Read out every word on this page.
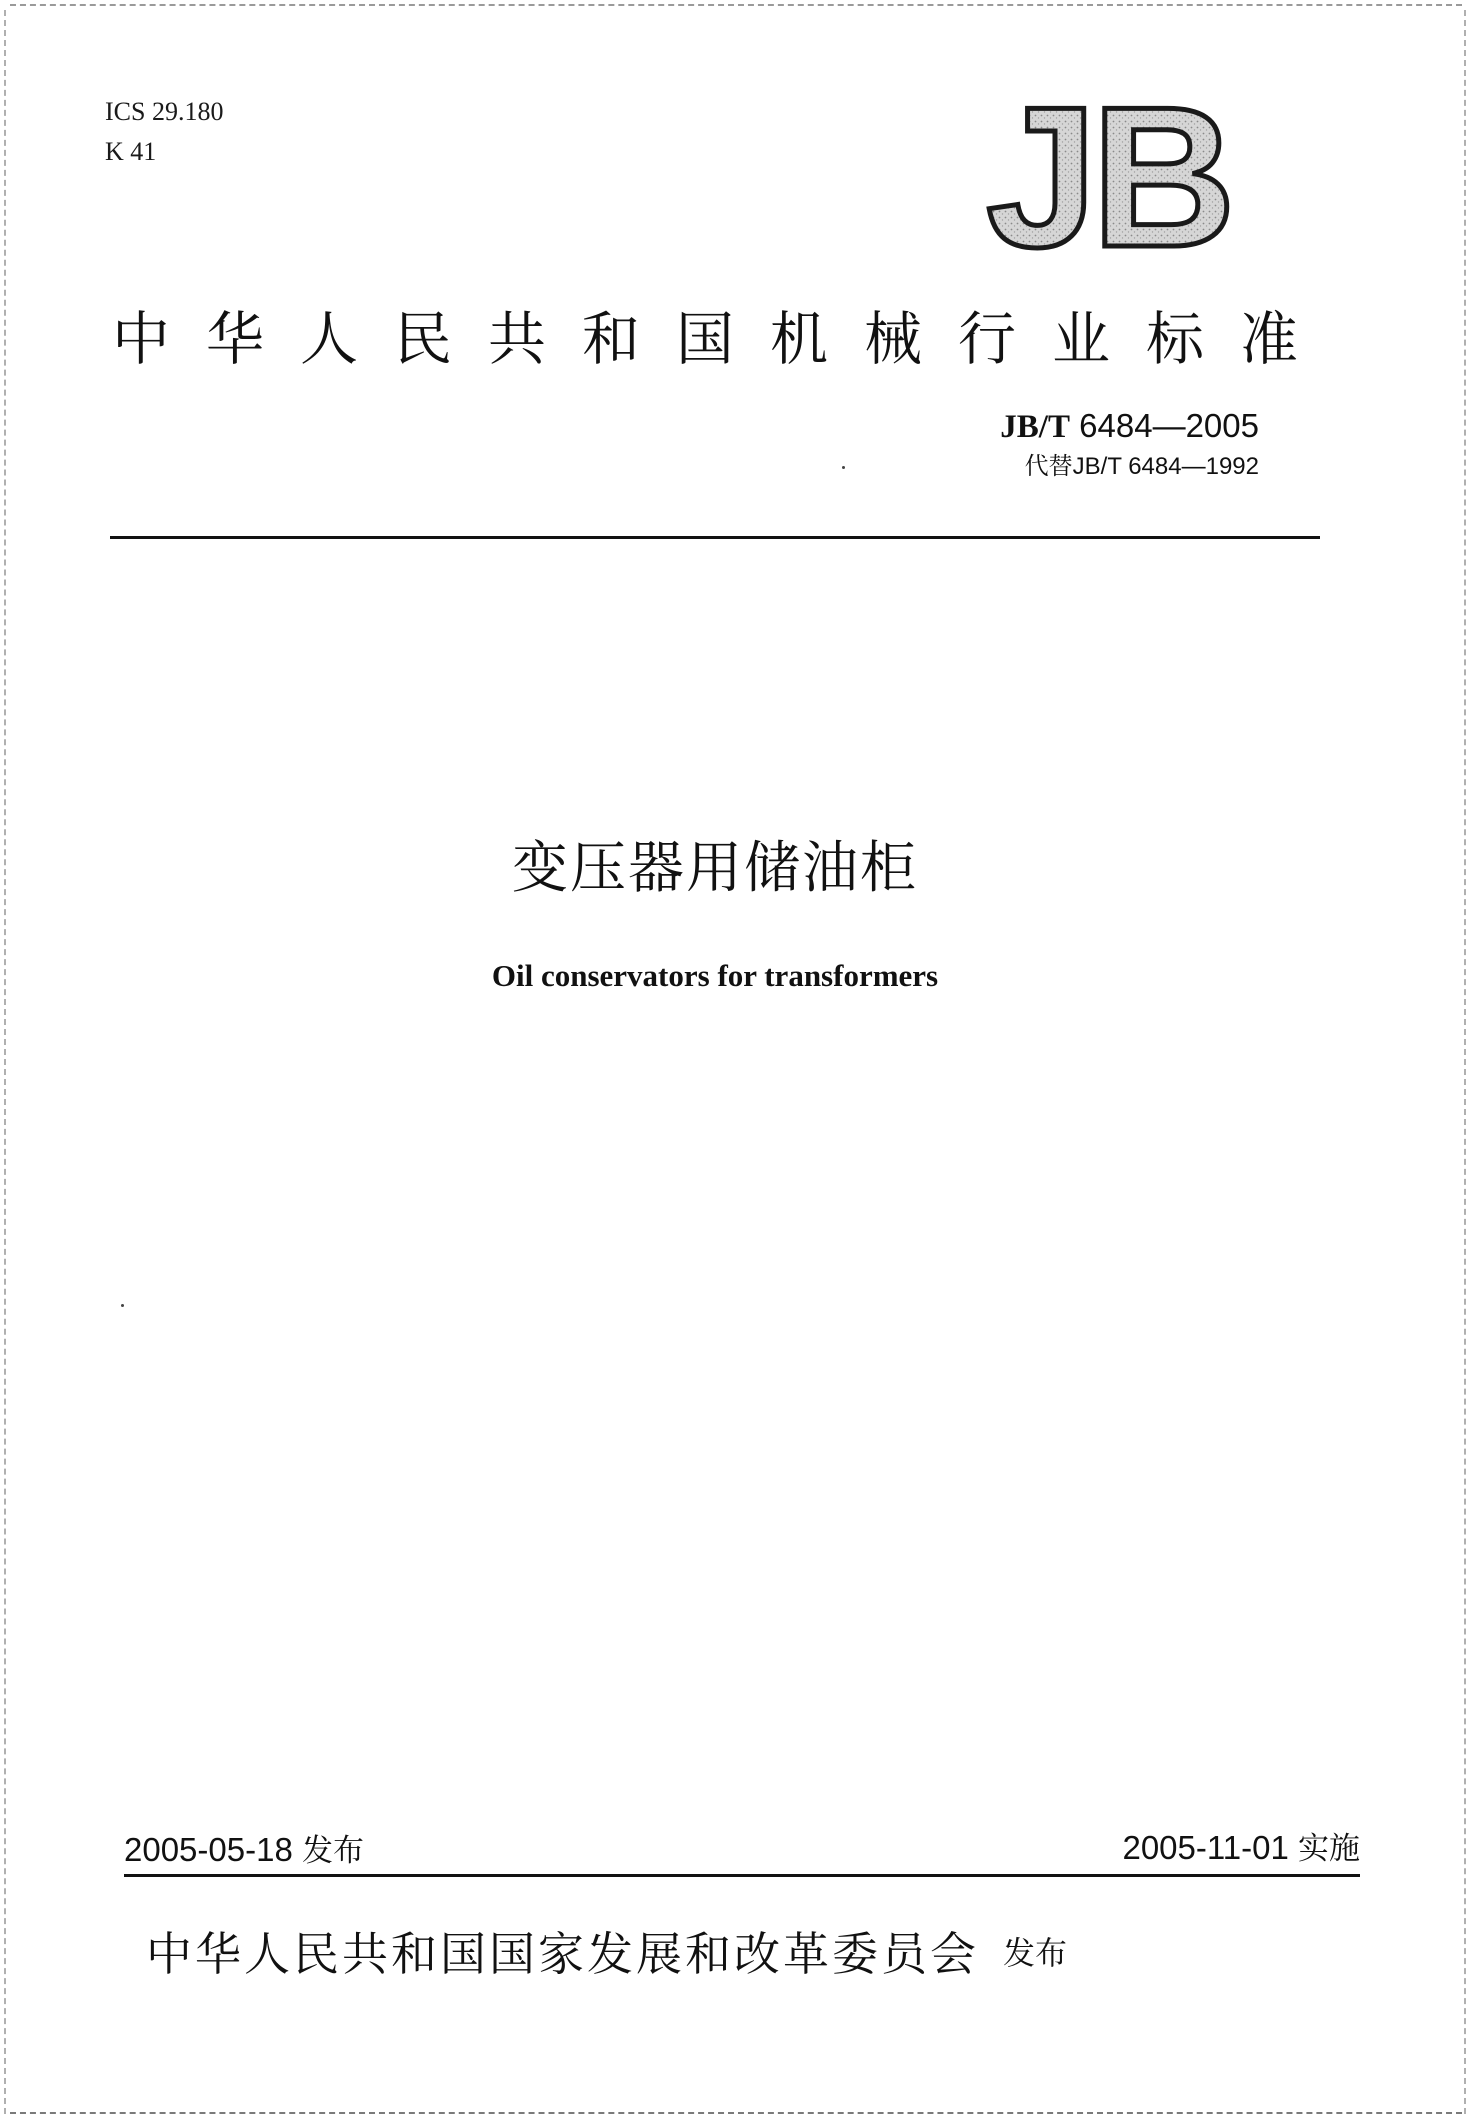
ICS 29.180
K 41	JB
中华人民共和国机械行业标准
JB/T 6484—2005
代替JB/T 6484—1992
变压器用储油柜
Oil conservators for transformers
2005-05-18 发布	2005-11-01 实施
中华人民共和国国家发展和改革委员会 发布
